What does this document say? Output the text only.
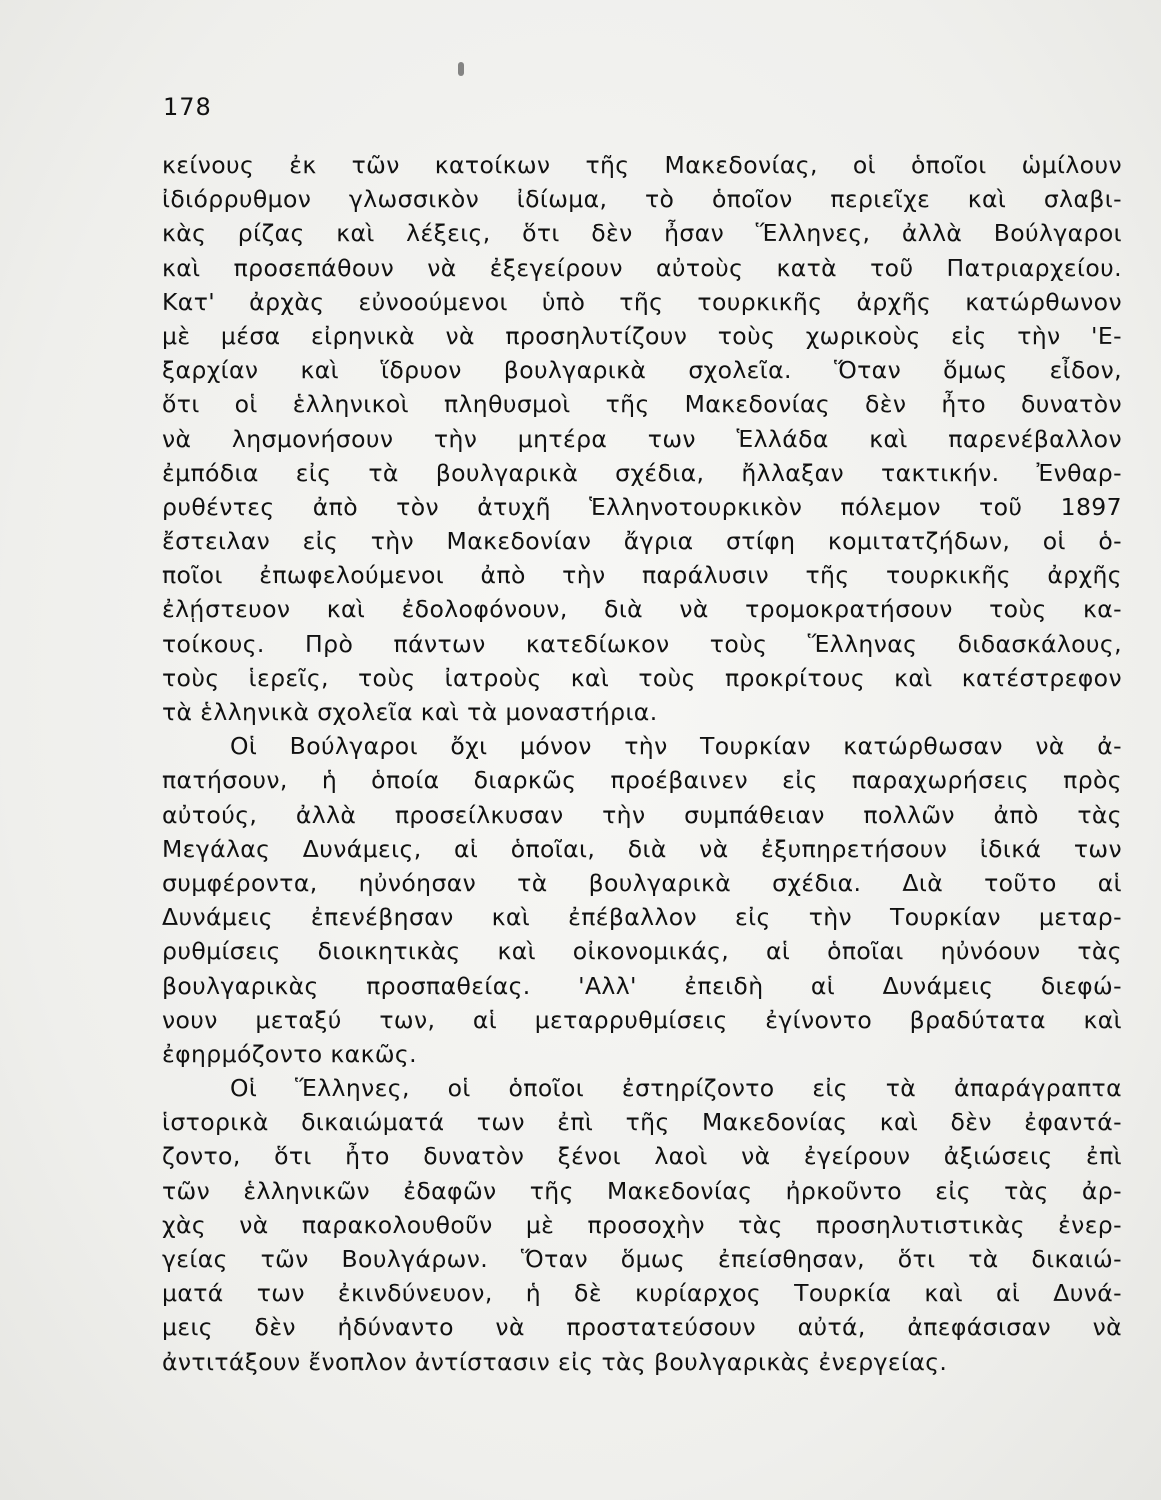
178
κείνους ἐκ τῶν κατοίκων τῆς Μακεδονίας, οἱ ὁποῖοι ὡμίλουν
ἰδιόρρυθμον γλωσσικὸν ἰδίωμα, τὸ ὁποῖον περιεῖχε καὶ σλαβι-
κὰς ρίζας καὶ λέξεις, ὅτι δὲν ἦσαν Ἕλληνες, ἀλλὰ Βούλγαροι
καὶ προσεπάθουν νὰ ἐξεγείρουν αὐτοὺς κατὰ τοῦ Πατριαρχείου.
Κατ' ἀρχὰς εὐνοούμενοι ὑπὸ τῆς τουρκικῆς ἀρχῆς κατώρθωνον
μὲ μέσα εἰρηνικὰ νὰ προσηλυτίζουν τοὺς χωρικοὺς εἰς τὴν 'Ε-
ξαρχίαν καὶ ἵδρυον βουλγαρικὰ σχολεῖα. Ὅταν ὅμως εἶδον,
ὅτι οἱ ἑλληνικοὶ πληθυσμοὶ τῆς Μακεδονίας δὲν ἦτο δυνατὸν
νὰ λησμονήσουν τὴν μητέρα των Ἑλλάδα καὶ παρενέβαλλον
ἐμπόδια εἰς τὰ βουλγαρικὰ σχέδια, ἤλλαξαν τακτικήν. Ἐνθαρ-
ρυθέντες ἀπὸ τὸν ἀτυχῆ Ἑλληνοτουρκικὸν πόλεμον τοῦ 1897
ἔστειλαν εἰς τὴν Μακεδονίαν ἄγρια στίφη κομιτατζήδων, οἱ ὁ-
ποῖοι ἐπωφελούμενοι ἀπὸ τὴν παράλυσιν τῆς τουρκικῆς ἀρχῆς
ἐλῄστευον καὶ ἐδολοφόνουν, διὰ νὰ τρομοκρατήσουν τοὺς κα-
τοίκους. Πρὸ πάντων κατεδίωκον τοὺς Ἕλληνας διδασκάλους,
τοὺς ἱερεῖς, τοὺς ἰατροὺς καὶ τοὺς προκρίτους καὶ κατέστρεφον
τὰ ἑλληνικὰ σχολεῖα καὶ τὰ μοναστήρια.
Οἱ Βούλγαροι ὄχι μόνον τὴν Τουρκίαν κατώρθωσαν νὰ ἀ-
πατήσουν, ἡ ὁποία διαρκῶς προέβαινεν εἰς παραχωρήσεις πρὸς
αὐτούς, ἀλλὰ προσείλκυσαν τὴν συμπάθειαν πολλῶν ἀπὸ τὰς
Μεγάλας Δυνάμεις, αἱ ὁποῖαι, διὰ νὰ ἐξυπηρετήσουν ἰδικά των
συμφέροντα, ηὐνόησαν τὰ βουλγαρικὰ σχέδια. Διὰ τοῦτο αἱ
Δυνάμεις ἐπενέβησαν καὶ ἐπέβαλλον εἰς τὴν Τουρκίαν μεταρ-
ρυθμίσεις διοικητικὰς καὶ οἰκονομικάς, αἱ ὁποῖαι ηὐνόουν τὰς
βουλγαρικὰς προσπαθείας. 'Αλλ' ἐπειδὴ αἱ Δυνάμεις διεφώ-
νουν μεταξύ των, αἱ μεταρρυθμίσεις ἐγίνοντο βραδύτατα καὶ
ἐφηρμόζοντο κακῶς.
Οἱ Ἕλληνες, οἱ ὁποῖοι ἐστηρίζοντο εἰς τὰ ἀπαράγραπτα
ἱστορικὰ δικαιώματά των ἐπὶ τῆς Μακεδονίας καὶ δὲν ἐφαντά-
ζοντο, ὅτι ἦτο δυνατὸν ξένοι λαοὶ νὰ ἐγείρουν ἀξιώσεις ἐπὶ
τῶν ἑλληνικῶν ἐδαφῶν τῆς Μακεδονίας ἠρκοῦντο εἰς τὰς ἀρ-
χὰς νὰ παρακολουθοῦν μὲ προσοχὴν τὰς προσηλυτιστικὰς ἐνερ-
γείας τῶν Βουλγάρων. Ὅταν ὅμως ἐπείσθησαν, ὅτι τὰ δικαιώ-
ματά των ἐκινδύνευον, ἡ δὲ κυρίαρχος Τουρκία καὶ αἱ Δυνά-
μεις δὲν ἠδύναντο νὰ προστατεύσουν αὐτά, ἀπεφάσισαν νὰ
ἀντιτάξουν ἔνοπλον ἀντίστασιν εἰς τὰς βουλγαρικὰς ἐνεργείας.
